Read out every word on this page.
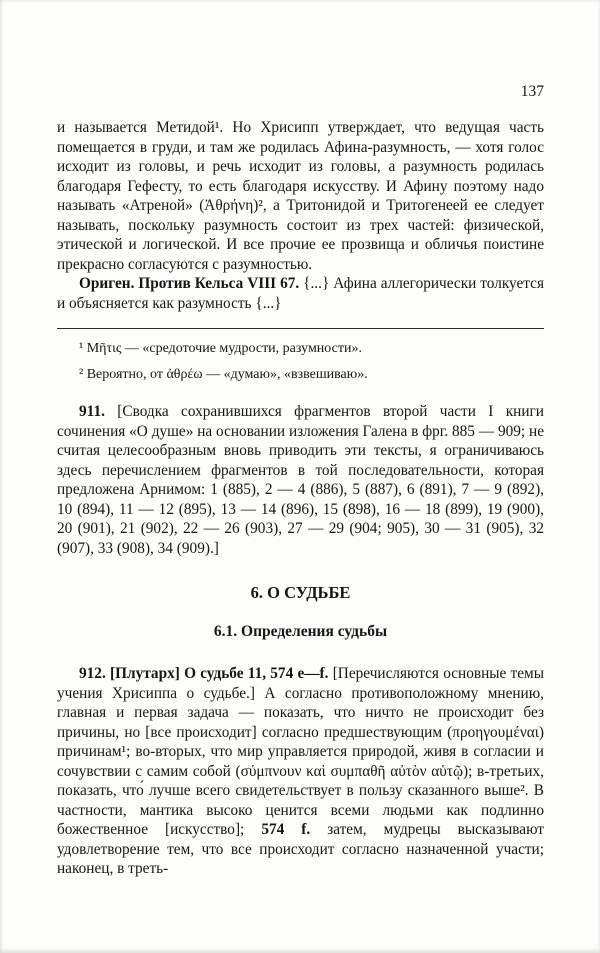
137

и называется Метидой¹. Но Хрисипп утверждает, что ведущая часть помещается в груди, и там же родилась Афина-разумность, — хотя голос исходит из головы, и речь исходит из головы, а разумность родилась благодаря Гефесту, то есть благодаря искусству. И Афину поэтому надо называть «Атреной» (Ἀθρήνη)², а Тритонидой и Тритогенеей ее следует называть, поскольку разумность состоит из трех частей: физической, этической и логической. И все прочие ее прозвища и обличья поистине прекрасно согласуются с разумностью.

Ориген. Против Кельса VIII 67. {...} Афина аллегорически толкуется и объясняется как разумность {...}

¹ Μῆτις — «средоточие мудрости, разумности».

² Вероятно, от ἀθρέω — «думаю», «взвешиваю».

911. [Сводка сохранившихся фрагментов второй части I книги сочинения «О душе» на основании изложения Галена в фрг. 885 — 909; не считая целесообразным вновь приводить эти тексты, я ограничиваюсь здесь перечислением фрагментов в той последовательности, которая предложена Арнимом: 1 (885), 2 — 4 (886), 5 (887), 6 (891), 7 — 9 (892), 10 (894), 11 — 12 (895), 13 — 14 (896), 15 (898), 16 — 18 (899), 19 (900), 20 (901), 21 (902), 22 — 26 (903), 27 — 29 (904; 905), 30 — 31 (905), 32 (907), 33 (908), 34 (909).]

6. О СУДЬБЕ
6.1. Определения судьбы

912. [Плутарх] О судьбе 11, 574 e—f. [Перечисляются основные темы учения Хрисиппа о судьбе.] А согласно противоположному мнению, главная и первая задача — показать, что ничто не происходит без причины, но [все происходит] согласно предшествующим (προηγουμέναι) причинам¹; во-вторых, что мир управляется природой, живя в согласии и сочувствии с самим собой (σύμπνουν καὶ συμπαθῆ αὐτὸν αὑτῷ); в-третьих, показать, что́ лучше всего свидетельствует в пользу сказанного выше². В частности, мантика высоко ценится всеми людьми как подлинно божественное [искусство]; 574 f. затем, мудрецы высказывают удовлетворение тем, что все происходит согласно назначенной участи; наконец, в треть-
